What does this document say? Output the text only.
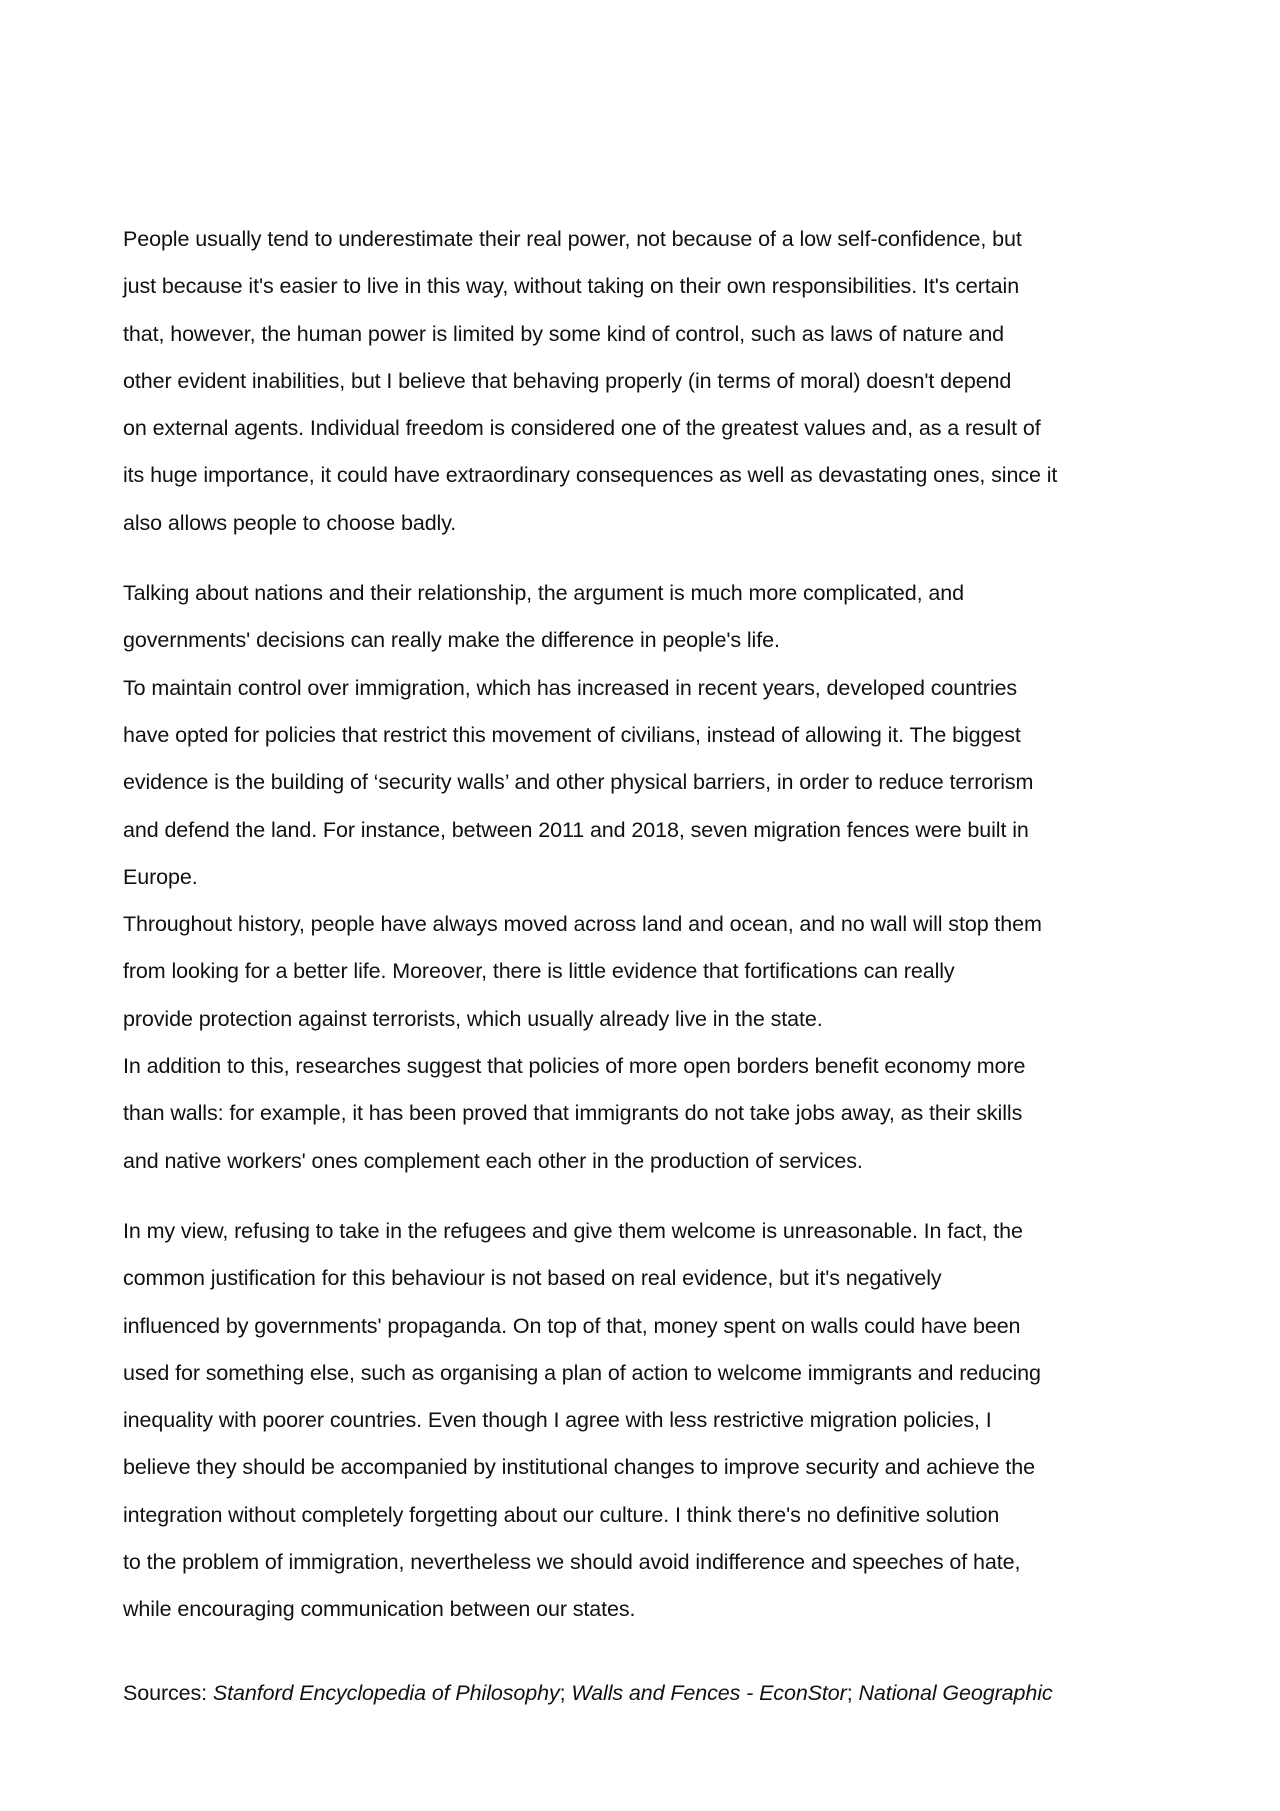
People usually tend to underestimate their real power, not because of a low self-confidence, but
just because it's easier to live in this way, without taking on their own responsibilities. It's certain
that, however, the human power is limited by some kind of control, such as laws of nature and
other evident inabilities, but I believe that behaving properly (in terms of moral) doesn't depend
on external agents. Individual freedom is considered one of the greatest values and, as a result of
its huge importance, it could have extraordinary consequences as well as devastating ones, since it
also allows people to choose badly.
Talking about nations and their relationship, the argument is much more complicated, and
governments' decisions can really make the difference in people's life.
To maintain control over immigration, which has increased in recent years, developed countries
have opted for policies that restrict this movement of civilians, instead of allowing it. The biggest
evidence is the building of ‘security walls’ and other physical barriers, in order to reduce terrorism
and defend the land. For instance, between 2011 and 2018, seven migration fences were built in
Europe.
Throughout history, people have always moved across land and ocean, and no wall will stop them
from looking for a better life. Moreover, there is little evidence that fortifications can really
provide protection against terrorists, which usually already live in the state.
In addition to this, researches suggest that policies of more open borders benefit economy more
than walls: for example, it has been proved that immigrants do not take jobs away, as their skills
and native workers' ones complement each other in the production of services.
In my view, refusing to take in the refugees and give them welcome is unreasonable. In fact, the
common justification for this behaviour is not based on real evidence, but it's negatively
influenced by governments' propaganda. On top of that, money spent on walls could have been
used for something else, such as organising a plan of action to welcome immigrants and reducing
inequality with poorer countries. Even though I agree with less restrictive migration policies, I
believe they should be accompanied by institutional changes to improve security and achieve the
integration without completely forgetting about our culture. I think there's no definitive solution
to the problem of immigration, nevertheless we should avoid indifference and speeches of hate,
while encouraging communication between our states.
Sources: Stanford Encyclopedia of Philosophy; Walls and Fences - EconStor; National Geographic
